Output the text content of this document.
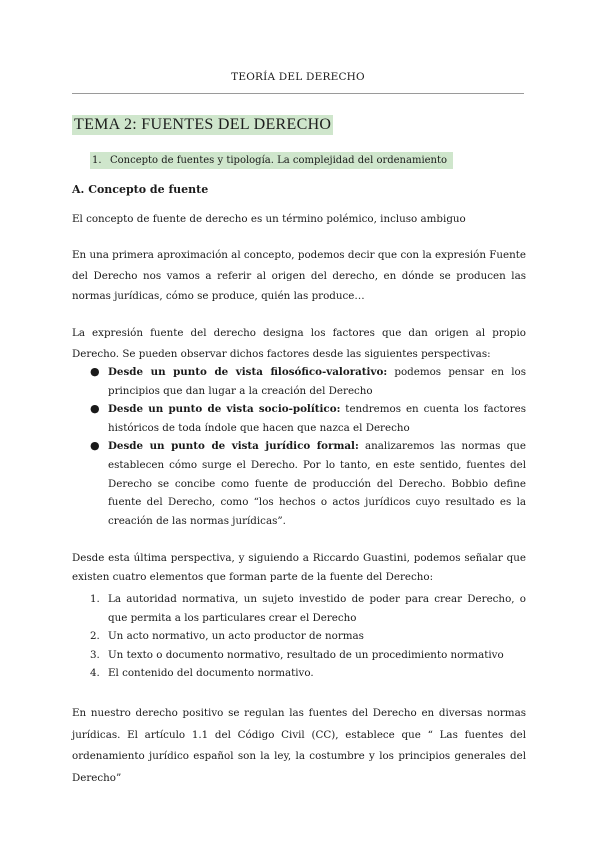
TEORÍA DEL DERECHO
TEMA 2: FUENTES DEL DERECHO
1. Concepto de fuentes y tipología. La complejidad del ordenamiento
A. Concepto de fuente
El concepto de fuente de derecho es un término polémico, incluso ambiguo
En una primera aproximación al concepto, podemos decir que con la expresión Fuente del Derecho nos vamos a referir al origen del derecho, en dónde se producen las normas jurídicas, cómo se produce, quién las produce…
La expresión fuente del derecho designa los factores que dan origen al propio Derecho. Se pueden observar dichos factores desde las siguientes perspectivas:
● Desde un punto de vista filosófico-valorativo: podemos pensar en los principios que dan lugar a la creación del Derecho
● Desde un punto de vista socio-político: tendremos en cuenta los factores históricos de toda índole que hacen que nazca el Derecho
● Desde un punto de vista jurídico formal: analizaremos las normas que establecen cómo surge el Derecho. Por lo tanto, en este sentido, fuentes del Derecho se concibe como fuente de producción del Derecho. Bobbio define fuente del Derecho, como “los hechos o actos jurídicos cuyo resultado es la creación de las normas jurídicas”.
Desde esta última perspectiva, y siguiendo a Riccardo Guastini, podemos señalar que existen cuatro elementos que forman parte de la fuente del Derecho:
1. La autoridad normativa, un sujeto investido de poder para crear Derecho, o que permita a los particulares crear el Derecho
2. Un acto normativo, un acto productor de normas
3. Un texto o documento normativo, resultado de un procedimiento normativo
4. El contenido del documento normativo.
En nuestro derecho positivo se regulan las fuentes del Derecho en diversas normas jurídicas. El artículo 1.1 del Código Civil (CC), establece que “ Las fuentes del ordenamiento jurídico español son la ley, la costumbre y los principios generales del Derecho”
